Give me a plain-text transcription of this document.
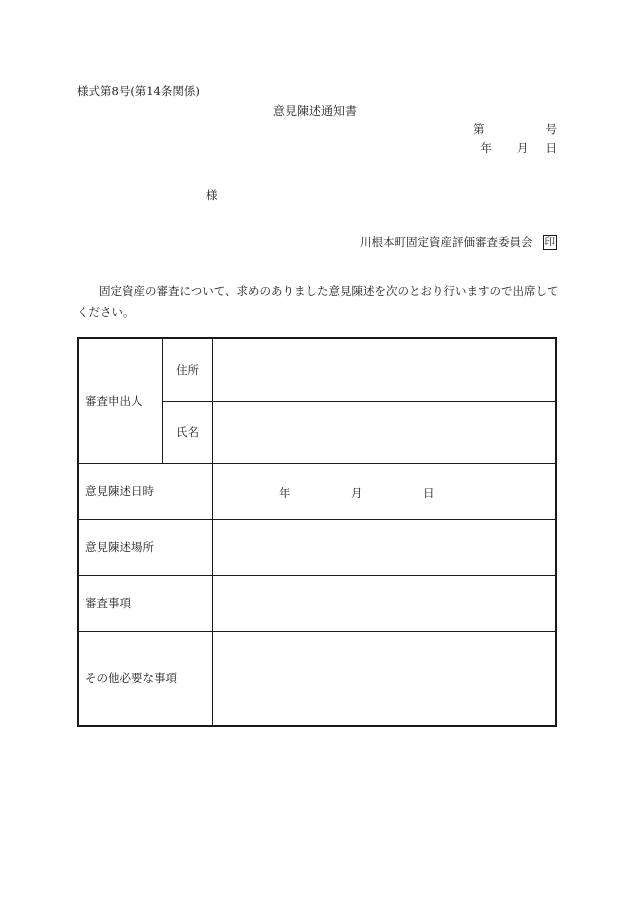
様式第8号(第14条関係)
意見陳述通知書
第	号
年 月 日
様
川根本町固定資産評価審査委員会 印
固定資産の審査について、求めのありました意見陳述を次のとおり行いますので出席してください。
審査申出人	住所	
	氏名	
意見陳述日時		年 月 日

意見陳述場所		
審査事項		
その他必要な事項		
